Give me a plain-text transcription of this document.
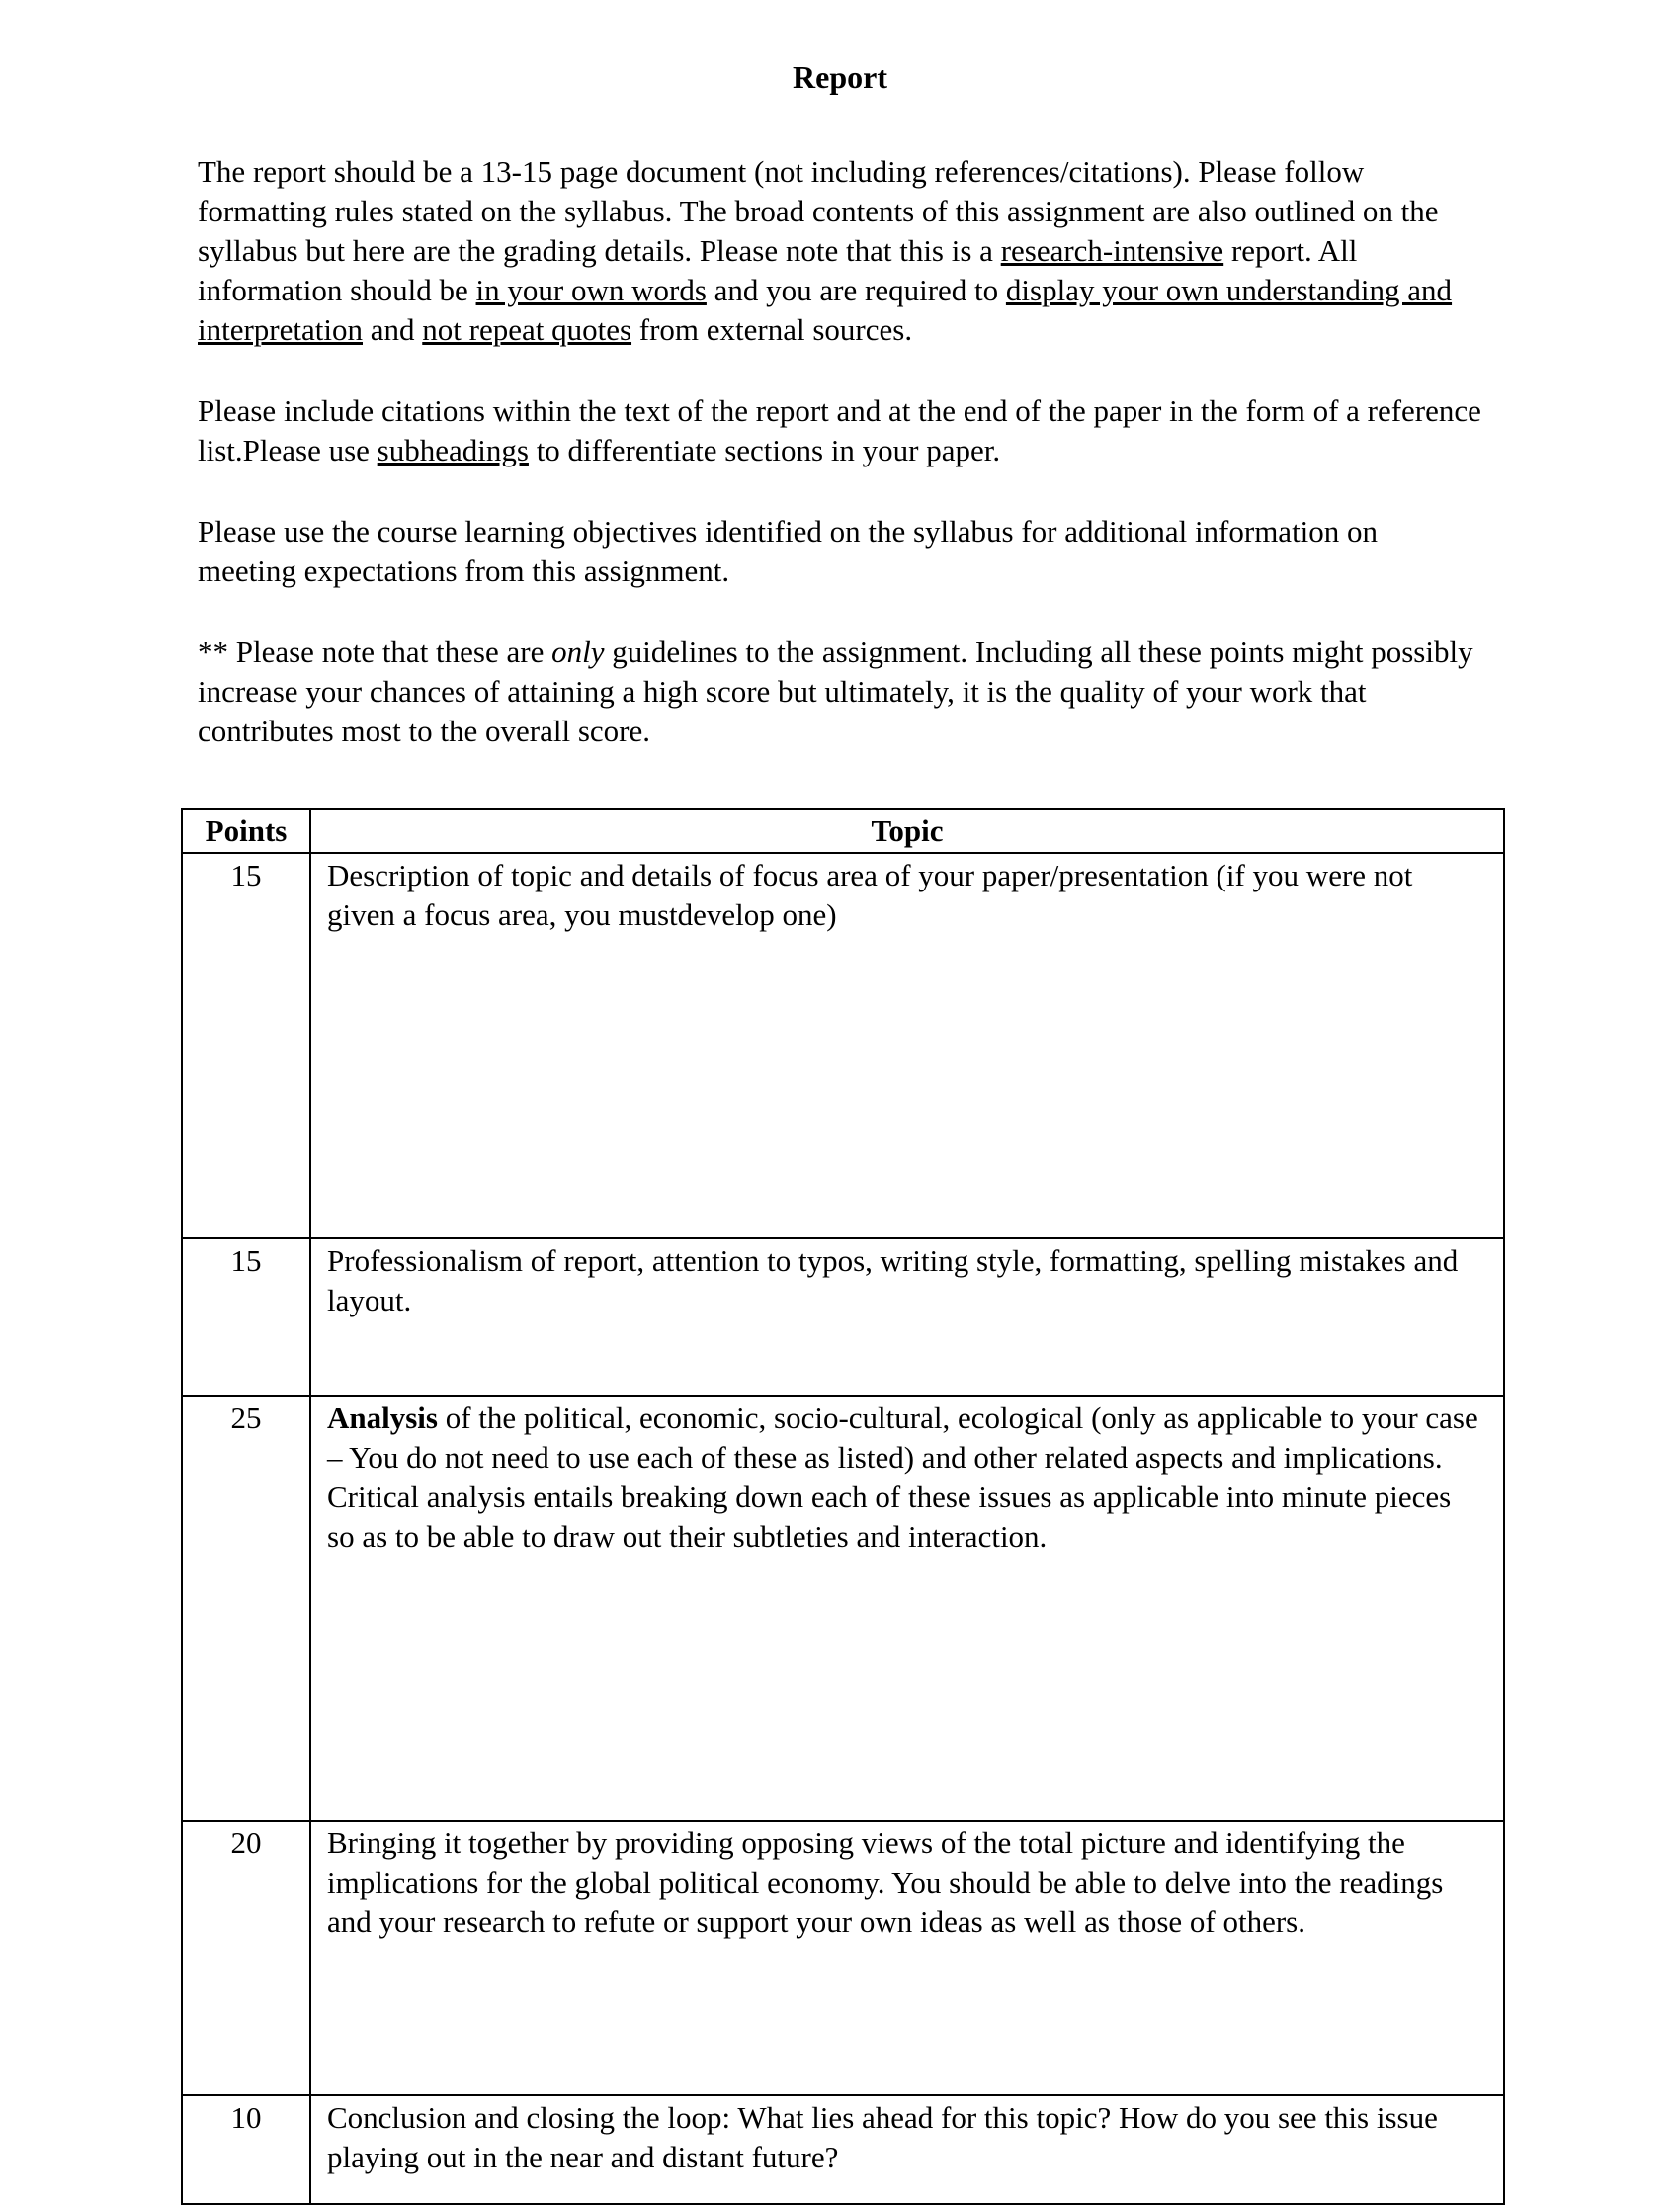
Report

The report should be a 13-15 page document (not including references/citations). Please follow formatting rules stated on the syllabus. The broad contents of this assignment are also outlined on the syllabus but here are the grading details. Please note that this is a research-intensive report. All information should be in your own words and you are required to display your own understanding and interpretation and not repeat quotes from external sources.

Please include citations within the text of the report and at the end of the paper in the form of a reference list.Please use subheadings to differentiate sections in your paper.

Please use the course learning objectives identified on the syllabus for additional information on meeting expectations from this assignment.

** Please note that these are only guidelines to the assignment. Including all these points might possibly increase your chances of attaining a high score but ultimately, it is the quality of your work that contributes most to the overall score.

Points	Topic
15	Description of topic and details of focus area of your paper/presentation (if you were not given a focus area, you mustdevelop one)
15	Professionalism of report, attention to typos, writing style, formatting, spelling mistakes and layout.
25	Analysis of the political, economic, socio-cultural, ecological (only as applicable to your case – You do not need to use each of these as listed) and other related aspects and implications. Critical analysis entails breaking down each of these issues as applicable into minute pieces so as to be able to draw out their subtleties and interaction.
20	Bringing it together by providing opposing views of the total picture and identifying the implications for the global political economy. You should be able to delve into the readings and your research to refute or support your own ideas as well as those of others.
10	Conclusion and closing the loop: What lies ahead for this topic? How do you see this issue playing out in the near and distant future?
